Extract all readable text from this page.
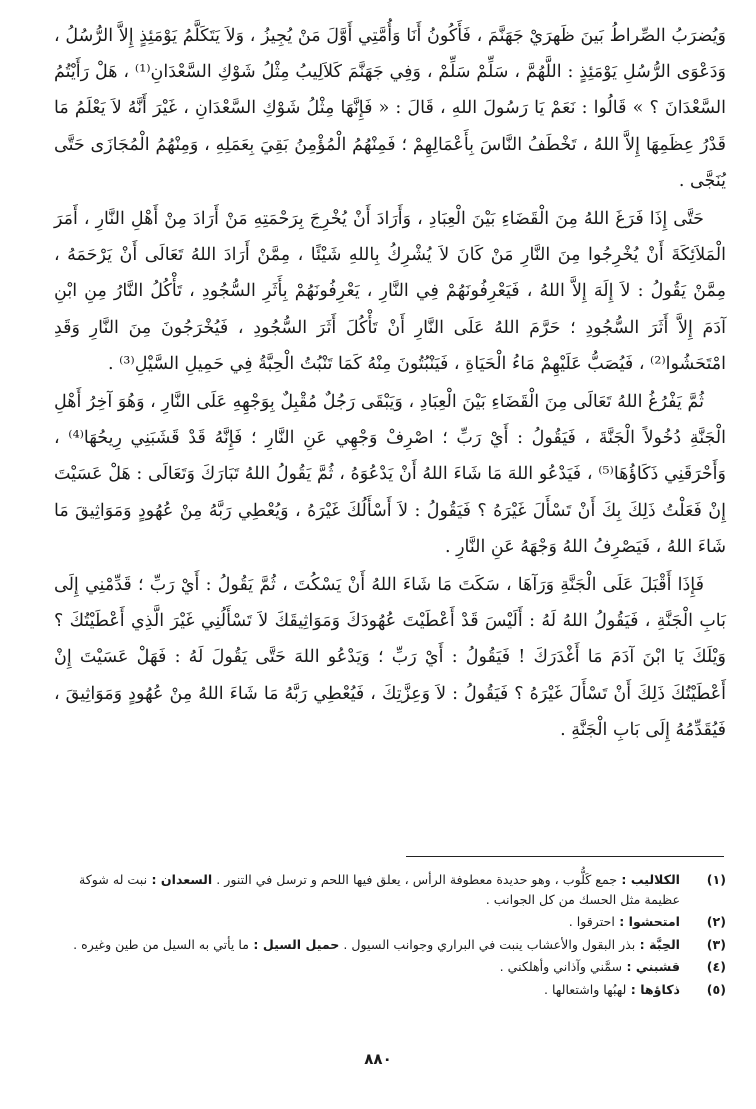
وَيُضرَبُ الصِّراطُ بَينَ ظَهرَيْ جَهَنَّمَ ، فَأَكُونُ أَنَا وَأُمَّتِي أَوَّلَ مَنْ يُجِيزُ ، وَلاَ يَتَكَلَّمُ يَوْمَئِذٍ إِلاَّ الرُّسُلُ ، وَدَعْوَى الرُّسُلِ يَوْمَئِذٍ : اللَّهُمَّ ، سَلِّمْ سَلِّمْ ، وَفِي جَهَنَّمَ كَلاَلِيبُ مِثْلُ شَوْكِ السَّعْدَانِ⁽¹⁾ ، هَلْ رَأَيْتُمُ السَّعْدَانَ ؟ » قَالُوا : نَعَمْ يَا رَسُولَ اللهِ ، قَالَ : « فَإِنَّهَا مِثْلُ شَوْكِ السَّعْدَانِ ، غَيْرَ أَنَّهُ لاَ يَعْلَمُ مَا قَدْرُ عِظَمِهَا إِلاَّ اللهُ ، تَخْطَفُ النَّاسَ بِأَعْمَالِهِمْ ؛ فَمِنْهُمُ الْمُؤْمِنُ بَقِيَ بِعَمَلِهِ ، وَمِنْهُمُ الْمُجَازَى حَتَّى يُنَجَّى .

حَتَّى إِذَا فَرَغَ اللهُ مِنَ الْقَضَاءِ بَيْنَ الْعِبَادِ ، وَأَرَادَ أَنْ يُخْرِجَ بِرَحْمَتِهِ مَنْ أَرَادَ مِنْ أَهْلِ النَّارِ ، أَمَرَ الْمَلاَئِكَةَ أَنْ يُخْرِجُوا مِنَ النَّارِ مَنْ كَانَ لاَ يُشْرِكُ بِاللهِ شَيْئًا ، مِمَّنْ أَرَادَ اللهُ تَعَالَى أَنْ يَرْحَمَهُ ، مِمَّنْ يَقُولُ : لاَ إِلَهَ إِلاَّ اللهُ ، فَيَعْرِفُونَهُمْ فِي النَّارِ ، يَعْرِفُونَهُمْ بِأَثَرِ السُّجُودِ ، تَأْكُلُ النَّارُ مِنِ ابْنِ آدَمَ إِلاَّ أَثَرَ السُّجُودِ ؛ حَرَّمَ اللهُ عَلَى النَّارِ أَنْ تَأْكُلَ أَثَرَ السُّجُودِ ، فَيُخْرَجُونَ مِنَ النَّارِ وَقَدِ امْتَحَشُوا⁽²⁾ ، فَيُصَبُّ عَلَيْهِمْ مَاءُ الْحَيَاةِ ، فَيَنْبُتُونَ مِنْهُ كَمَا تَنْبُتُ الْحِبَّةُ فِي حَمِيلِ السَّيْلِ⁽³⁾ .

ثُمَّ يَفْرُغُ اللهُ تَعَالَى مِنَ الْقَضَاءِ بَيْنَ الْعِبَادِ ، وَيَبْقَى رَجُلٌ مُقْبِلٌ بِوَجْهِهِ عَلَى النَّارِ ، وَهُوَ آخِرُ أَهْلِ الْجَنَّةِ دُخُولاً الْجَنَّةَ ، فَيَقُولُ : أَيْ رَبِّ ؛ اصْرِفْ وَجْهِي عَنِ النَّارِ ؛ فَإِنَّهُ قَدْ قَشَبَنِي رِيحُهَا⁽⁴⁾ ، وَأَحْرَقَنِي ذَكَاؤُهَا⁽⁵⁾ ، فَيَدْعُو اللهَ مَا شَاءَ اللهُ أَنْ يَدْعُوَهُ ، ثُمَّ يَقُولُ اللهُ تَبَارَكَ وَتَعَالَى : هَلْ عَسَيْتَ إِنْ فَعَلْتُ ذَلِكَ بِكَ أَنْ تَسْأَلَ غَيْرَهُ ؟ فَيَقُولُ : لاَ أَسْأَلُكَ غَيْرَهُ ، وَيُعْطِي رَبَّهُ مِنْ عُهُودٍ وَمَوَاثِيقَ مَا شَاءَ اللهُ ، فَيَصْرِفُ اللهُ وَجْهَهُ عَنِ النَّارِ .

فَإِذَا أَقْبَلَ عَلَى الْجَنَّةِ وَرَآهَا ، سَكَتَ مَا شَاءَ اللهُ أَنْ يَسْكُتَ ، ثُمَّ يَقُولُ : أَيْ رَبِّ ؛ قَدِّمْنِي إِلَى بَابِ الْجَنَّةِ ، فَيَقُولُ اللهُ لَهُ : أَلَيْسَ قَدْ أَعْطَيْتَ عُهُودَكَ وَمَوَاثِيقَكَ لاَ تَسْأَلُنِي غَيْرَ الَّذِي أَعْطَيْتُكَ ؟ وَيْلَكَ يَا ابْنَ آدَمَ مَا أَغْدَرَكَ ! فَيَقُولُ : أَيْ رَبِّ ؛ وَيَدْعُو اللهَ حَتَّى يَقُولَ لَهُ : فَهَلْ عَسَيْتَ إِنْ أَعْطَيْتُكَ ذَلِكَ أَنْ تَسْأَلَ غَيْرَهُ ؟ فَيَقُولُ : لاَ وَعِزَّتِكَ ، فَيُعْطِي رَبَّهُ مَا شَاءَ اللهُ مِنْ عُهُودٍ وَمَوَاثِيقَ ، فَيُقَدِّمُهُ إِلَى بَابِ الْجَنَّةِ .

(١)
الكلاليب : جمع كَلُّوب ، وهو حديدة معطوفة الرأس ، يعلق فيها اللحم و ترسل في التنور . السعدان : نبت له شوكة عظيمة مثل الحسك من كل الجوانب .
(٢)
امتحشوا : احترقوا .
(٣)
الحِبَّة : بذر البقول والأعشاب ينبت في البراري وجوانب السيول . حميل السيل : ما يأتي به السيل من طين وغيره .
(٤)
قشبني : سمَّني وآذاني وأهلكني .
(٥)
ذكاؤها : لهبُها واشتعالها .
٨٨٠
